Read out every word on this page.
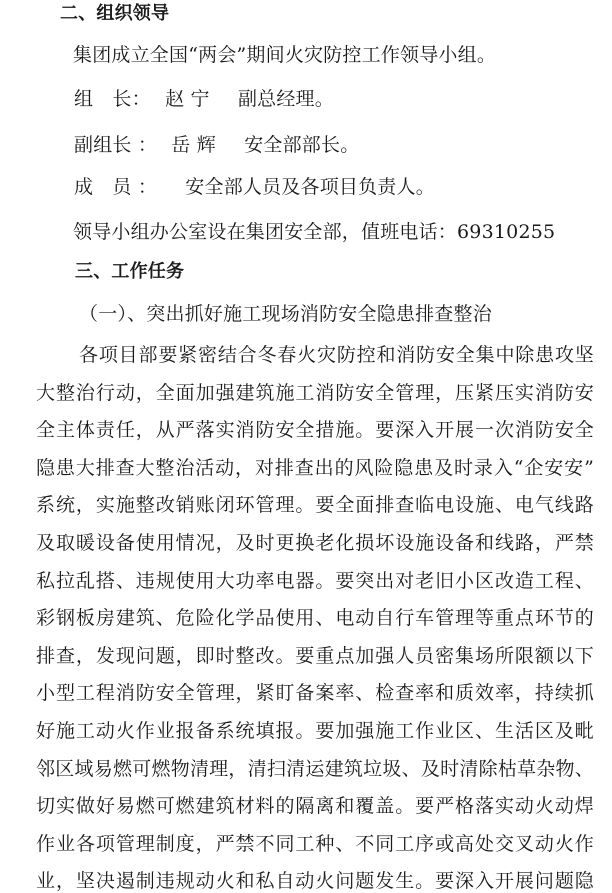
二、组织领导
集团成立全国“两会”期间火灾防控工作领导小组。
组　长： 赵 宁 副总经理。
副组长 ： 岳 辉 安全部部长。
成　员 ： 安全部人员及各项目负责人。
领导小组办公室设在集团安全部，值班电话：69310255
三、工作任务
（一）、突出抓好施工现场消防安全隐患排查整治
各项目部要紧密结合冬春火灾防控和消防安全集中除患攻坚
大整治行动，全面加强建筑施工消防安全管理，压紧压实消防安
全主体责任，从严落实消防安全措施。要深入开展一次消防安全
隐患大排查大整治活动，对排查出的风险隐患及时录入“企安安”
系统，实施整改销账闭环管理。要全面排查临电设施、电气线路
及取暖设备使用情况，及时更换老化损坏设施设备和线路，严禁
私拉乱搭、违规使用大功率电器。要突出对老旧小区改造工程、
彩钢板房建筑、危险化学品使用、电动自行车管理等重点环节的
排查，发现问题，即时整改。要重点加强人员密集场所限额以下
小型工程消防安全管理，紧盯备案率、检查率和质效率，持续抓
好施工动火作业报备系统填报。要加强施工作业区、生活区及毗
邻区域易燃可燃物清理，清扫清运建筑垃圾、及时清除枯草杂物、
切实做好易燃可燃建筑材料的隔离和覆盖。要严格落实动火动焊
作业各项管理制度，严禁不同工种、不同工序或高处交叉动火作
业，坚决遏制违规动火和私自动火问题发生。要深入开展问题隐
